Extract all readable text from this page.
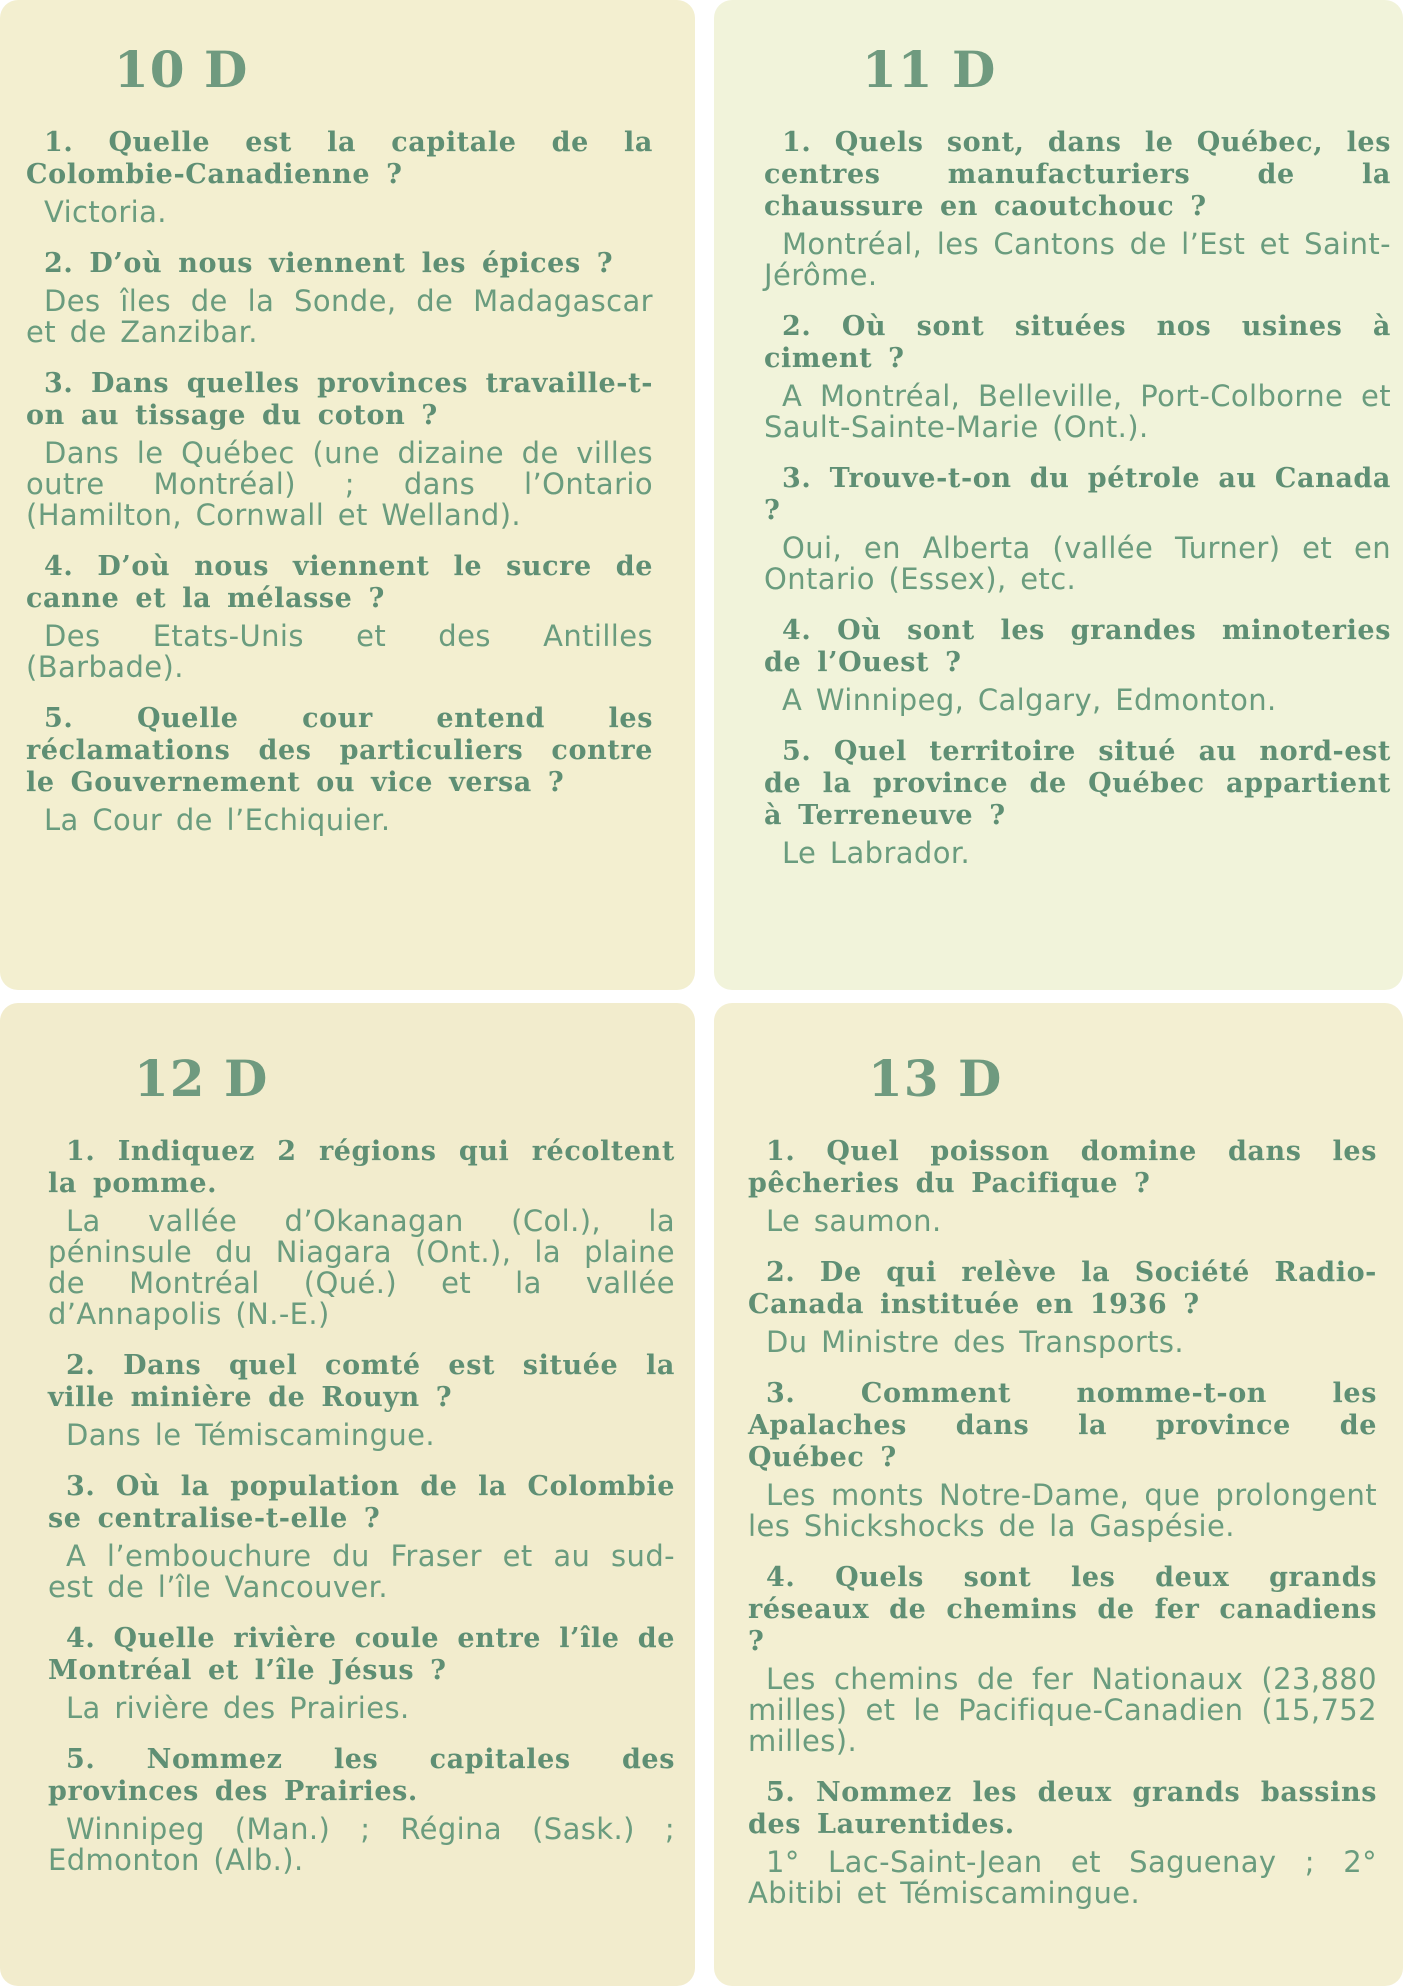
10 D
1. Quelle est la capitale de la Colombie-Canadienne ?
Victoria.
2. D’où nous viennent les épices ?
Des îles de la Sonde, de Madagascar et de Zanzibar.
3. Dans quelles provinces travaille-t-on au tissage du coton ?
Dans le Québec (une dizaine de villes outre Montréal) ; dans l’Ontario (Hamilton, Cornwall et Welland).
4. D’où nous viennent le sucre de canne et la mélasse ?
Des Etats-Unis et des Antilles (Barbade).
5. Quelle cour entend les réclamations des particuliers contre le Gouvernement ou vice versa ?
La Cour de l’Echiquier.
11 D
1. Quels sont, dans le Québec, les centres manufacturiers de la chaussure en caoutchouc ?
Montréal, les Cantons de l’Est et Saint-Jérôme.
2. Où sont situées nos usines à ciment ?
A Montréal, Belleville, Port-Colborne et Sault-Sainte-Marie (Ont.).
3. Trouve-t-on du pétrole au Canada ?
Oui, en Alberta (vallée Turner) et en Ontario (Essex), etc.
4. Où sont les grandes minoteries de l’Ouest ?
A Winnipeg, Calgary, Edmonton.
5. Quel territoire situé au nord-est de la province de Québec appartient à Terreneuve ?
Le Labrador.
12 D
1. Indiquez 2 régions qui récoltent la pomme.
La vallée d’Okanagan (Col.), la péninsule du Niagara (Ont.), la plaine de Montréal (Qué.) et la vallée d’Annapolis (N.-E.)
2. Dans quel comté est située la ville minière de Rouyn ?
Dans le Témiscamingue.
3. Où la population de la Colombie se centralise-t-elle ?
A l’embouchure du Fraser et au sud-est de l’île Vancouver.
4. Quelle rivière coule entre l’île de Montréal et l’île Jésus ?
La rivière des Prairies.
5. Nommez les capitales des provinces des Prairies.
Winnipeg (Man.) ; Régina (Sask.) ; Edmonton (Alb.).
13 D
1. Quel poisson domine dans les pêcheries du Pacifique ?
Le saumon.
2. De qui relève la Société Radio-Canada instituée en 1936 ?
Du Ministre des Transports.
3. Comment nomme-t-on les Apalaches dans la province de Québec ?
Les monts Notre-Dame, que prolongent les Shickshocks de la Gaspésie.
4. Quels sont les deux grands réseaux de chemins de fer canadiens ?
Les chemins de fer Nationaux (23,880 milles) et le Pacifique-Canadien (15,752 milles).
5. Nommez les deux grands bassins des Laurentides.
1° Lac-Saint-Jean et Saguenay ; 2° Abitibi et Témiscamingue.
